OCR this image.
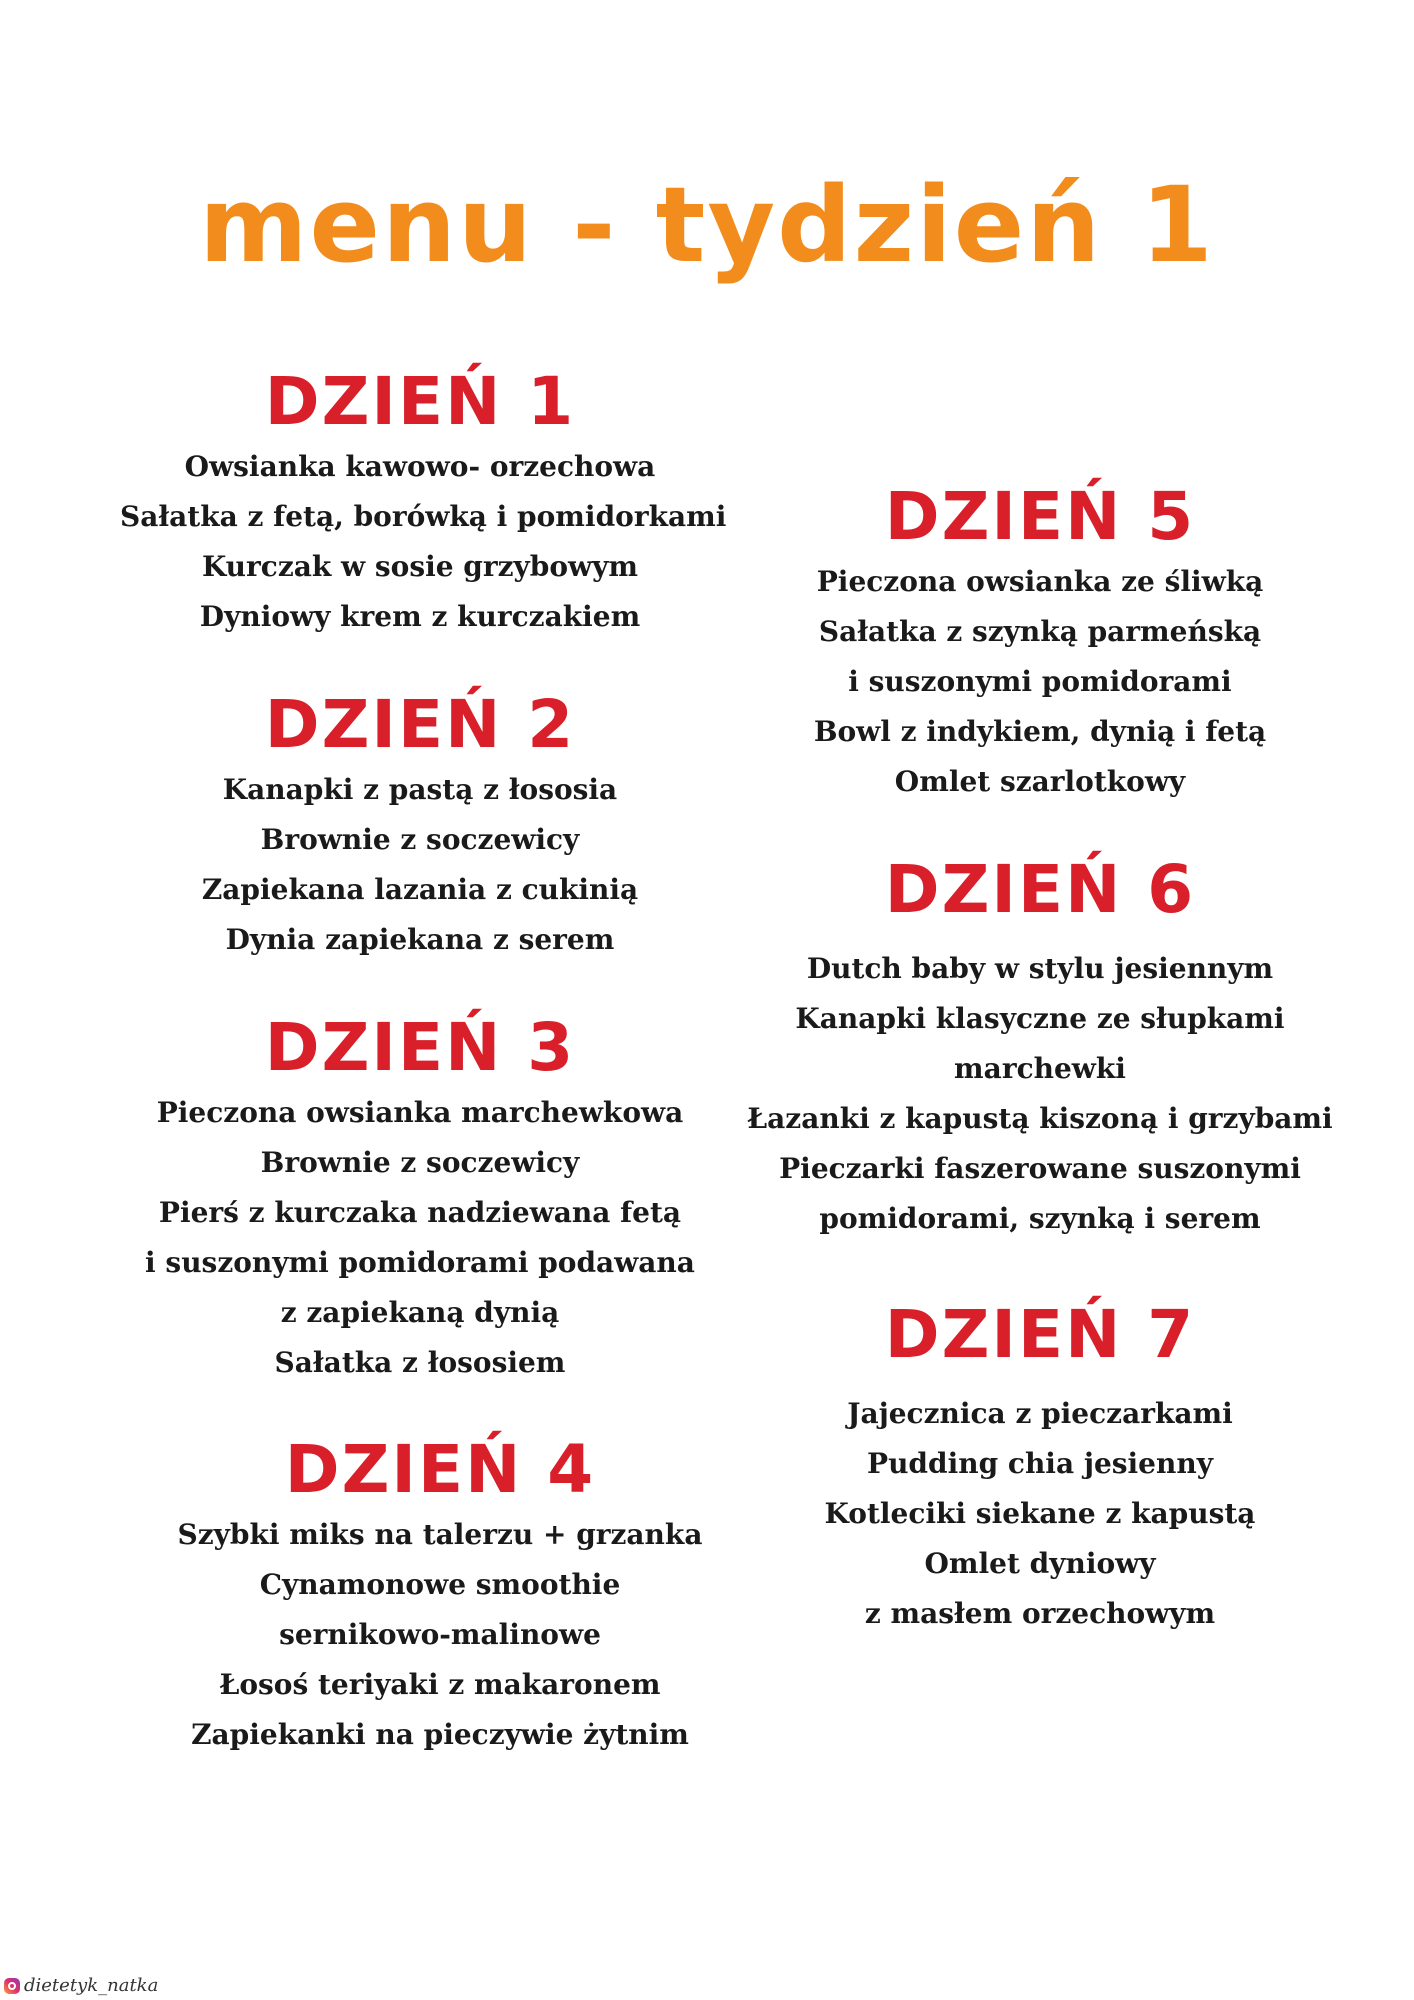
menu - tydzień 1
DZIEŃ 1
Owsianka kawowo- orzechowa
Sałatka z fetą, borówką i pomidorkami
Kurczak w sosie grzybowym
Dyniowy krem z kurczakiem
DZIEŃ 2
Kanapki z pastą z łososia
Brownie z soczewicy
Zapiekana lazania z cukinią
Dynia zapiekana z serem
DZIEŃ 3
Pieczona owsianka marchewkowa
Brownie z soczewicy
Pierś z kurczaka nadziewana fetą
i suszonymi pomidorami podawana
z zapiekaną dynią
Sałatka z łososiem
DZIEŃ 4
Szybki miks na talerzu + grzanka
Cynamonowe smoothie
sernikowo-malinowe
Łosoś teriyaki z makaronem
Zapiekanki na pieczywie żytnim
DZIEŃ 5
Pieczona owsianka ze śliwką
Sałatka z szynką parmeńską
i suszonymi pomidorami
Bowl z indykiem, dynią i fetą
Omlet szarlotkowy
DZIEŃ 6
Dutch baby w stylu jesiennym
Kanapki klasyczne ze słupkami
marchewki
Łazanki z kapustą kiszoną i grzybami
Pieczarki faszerowane suszonymi
pomidorami, szynką i serem
DZIEŃ 7
Jajecznica z pieczarkami
Pudding chia jesienny
Kotleciki siekane z kapustą
Omlet dyniowy
z masłem orzechowym
dietetyk_natka
